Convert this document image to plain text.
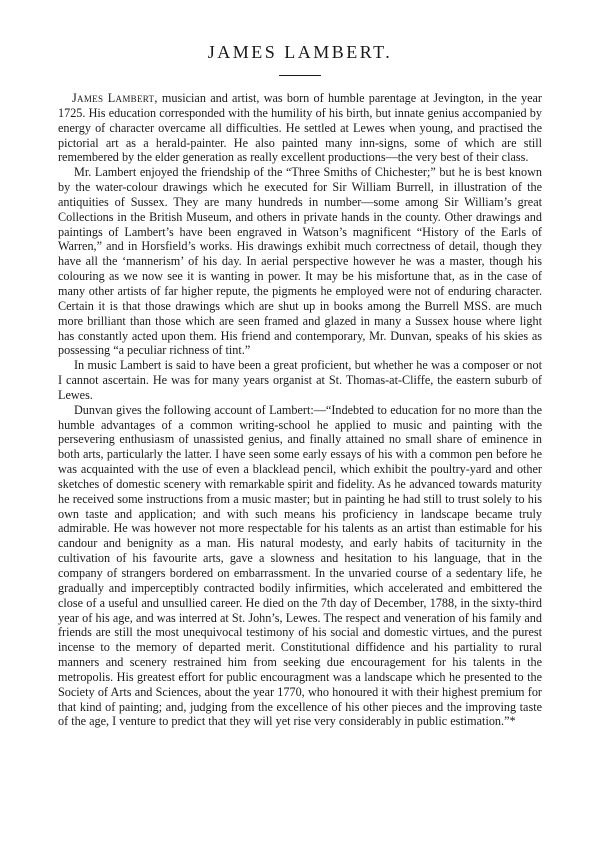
JAMES LAMBERT.

James Lambert, musician and artist, was born of humble parentage at Jevington, in the year 1725. His education corresponded with the humility of his birth, but innate genius accompanied by energy of character overcame all difficulties. He settled at Lewes when young, and practised the pictorial art as a herald-painter. He also painted many inn-signs, some of which are still remembered by the elder generation as really excellent productions—the very best of their class.

Mr. Lambert enjoyed the friendship of the “Three Smiths of Chichester;” but he is best known by the water-colour drawings which he executed for Sir William Burrell, in illustration of the antiquities of Sussex. They are many hundreds in number—some among Sir William’s great Collections in the British Museum, and others in private hands in the county. Other drawings and paintings of Lambert’s have been engraved in Watson’s magnificent “History of the Earls of Warren,” and in Horsfield’s works. His drawings exhibit much correctness of detail, though they have all the ‘mannerism’ of his day. In aerial perspective however he was a master, though his colouring as we now see it is wanting in power. It may be his misfortune that, as in the case of many other artists of far higher repute, the pigments he employed were not of enduring character. Certain it is that those drawings which are shut up in books among the Burrell MSS. are much more brilliant than those which are seen framed and glazed in many a Sussex house where light has constantly acted upon them. His friend and contemporary, Mr. Dunvan, speaks of his skies as possessing “a peculiar richness of tint.”

In music Lambert is said to have been a great proficient, but whether he was a composer or not I cannot ascertain. He was for many years organist at St. Thomas-at-Cliffe, the eastern suburb of Lewes.

Dunvan gives the following account of Lambert:—“Indebted to education for no more than the humble advantages of a common writing-school he applied to music and painting with the persevering enthusiasm of unassisted genius, and finally attained no small share of eminence in both arts, particularly the latter. I have seen some early essays of his with a common pen before he was acquainted with the use of even a blacklead pencil, which exhibit the poultry-yard and other sketches of domestic scenery with remarkable spirit and fidelity. As he advanced towards maturity he received some instructions from a music master; but in painting he had still to trust solely to his own taste and application; and with such means his proficiency in landscape became truly admirable. He was however not more respectable for his talents as an artist than estimable for his candour and benignity as a man. His natural modesty, and early habits of taciturnity in the cultivation of his favourite arts, gave a slowness and hesitation to his language, that in the company of strangers bordered on embarrassment. In the unvaried course of a sedentary life, he gradually and imperceptibly contracted bodily infirmities, which accelerated and embittered the close of a useful and unsullied career. He died on the 7th day of December, 1788, in the sixty-third year of his age, and was interred at St. John’s, Lewes. The respect and veneration of his family and friends are still the most unequivocal testimony of his social and domestic virtues, and the purest incense to the memory of departed merit. Constitutional diffidence and his partiality to rural manners and scenery restrained him from seeking due encouragement for his talents in the metropolis. His greatest effort for public encouragment was a landscape which he presented to the Society of Arts and Sciences, about the year 1770, who honoured it with their highest premium for that kind of painting; and, judging from the excellence of his other pieces and the improving taste of the age, I venture to predict that they will yet rise very considerably in public estimation.”*
